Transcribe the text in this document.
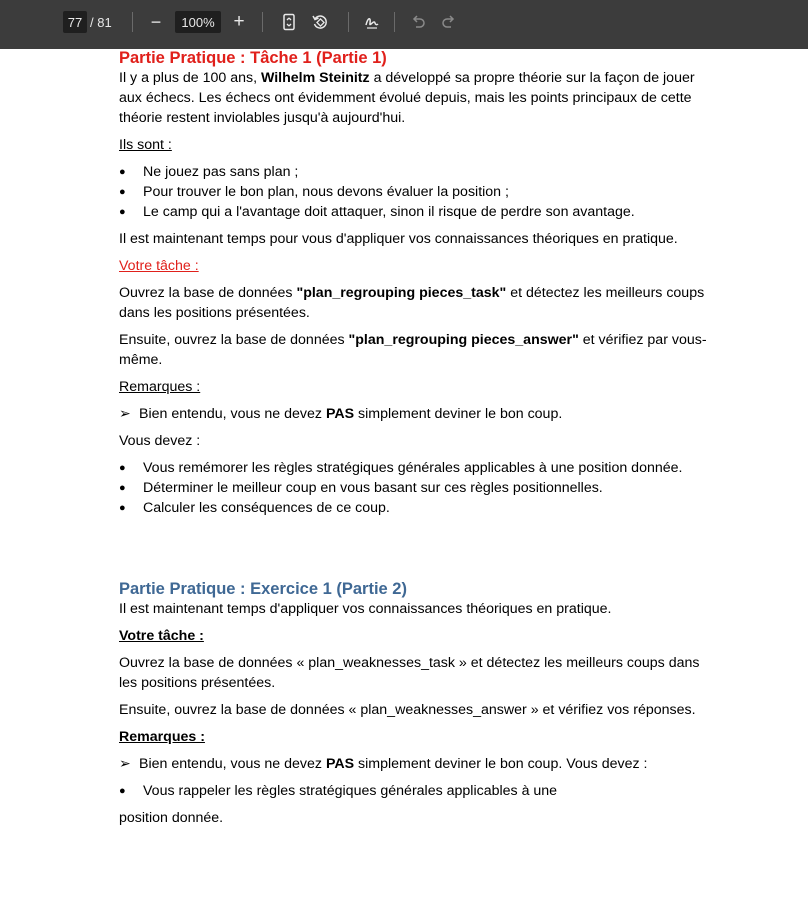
77 / 81	−	100% +
Partie Pratique : Tâche 1 (Partie 1)

Il y a plus de 100 ans, Wilhelm Steinitz a développé sa propre théorie sur la façon de jouer aux échecs. Les échecs ont évidemment évolué depuis, mais les points principaux de cette théorie restent inviolables jusqu'à aujourd'hui.

Ils sont :

● Ne jouez pas sans plan ;
● Pour trouver le bon plan, nous devons évaluer la position ;
● Le camp qui a l'avantage doit attaquer, sinon il risque de perdre son avantage.

Il est maintenant temps pour vous d'appliquer vos connaissances théoriques en pratique.

Votre tâche :

Ouvrez la base de données "plan_regrouping pieces_task" et détectez les meilleurs coups dans les positions présentées.

Ensuite, ouvrez la base de données "plan_regrouping pieces_answer" et vérifiez par vous-même.

Remarques :

➢ Bien entendu, vous ne devez PAS simplement deviner le bon coup.

Vous devez :

● Vous remémorer les règles stratégiques générales applicables à une position donnée.
● Déterminer le meilleur coup en vous basant sur ces règles positionnelles.
● Calculer les conséquences de ce coup.
Partie Pratique : Exercice 1 (Partie 2)

Il est maintenant temps d'appliquer vos connaissances théoriques en pratique.

Votre tâche :

Ouvrez la base de données « plan_weaknesses_task » et détectez les meilleurs coups dans les positions présentées.

Ensuite, ouvrez la base de données « plan_weaknesses_answer » et vérifiez vos réponses.

Remarques :

➢ Bien entendu, vous ne devez PAS simplement deviner le bon coup. Vous devez :

● Vous rappeler les règles stratégiques générales applicables à une

position donnée.
